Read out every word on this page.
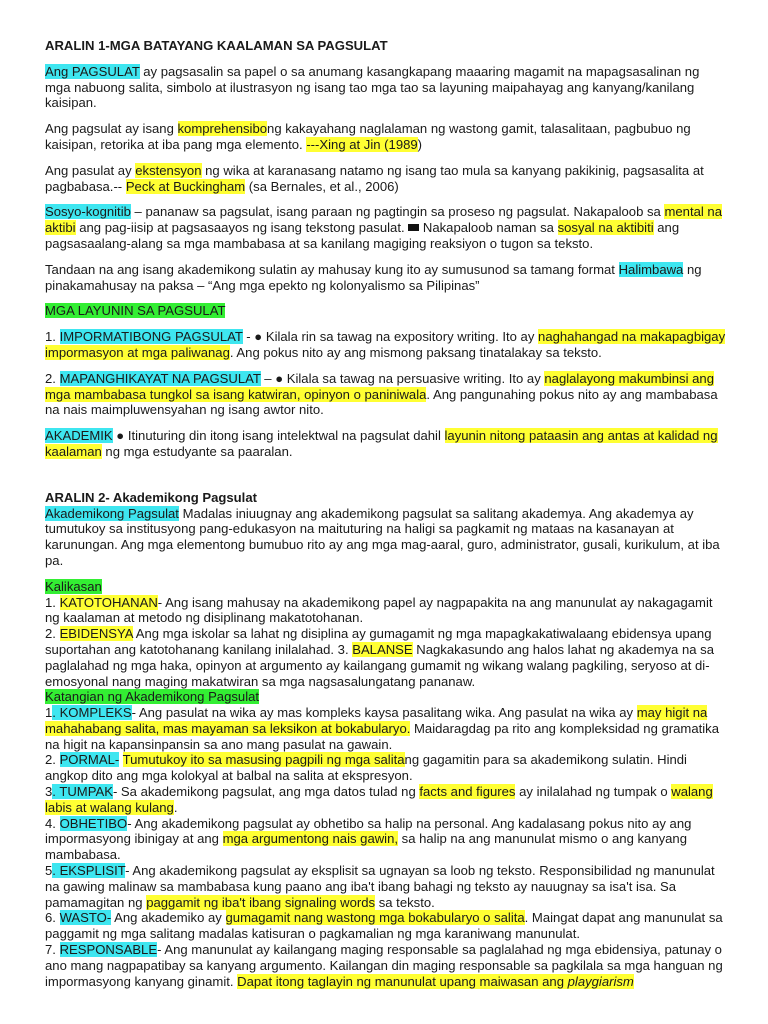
ARALIN 1-MGA BATAYANG KAALAMAN SA PAGSULAT

Ang PAGSULAT ay pagsasalin sa papel o sa anumang kasangkapang maaaring magamit na mapagsasalinan ng mga nabuong salita, simbolo at ilustrasyon ng isang tao mga tao sa layuning maipahayag ang kanyang/kanilang kaisipan.

Ang pagsulat ay isang komprehensibong kakayahang naglalaman ng wastong gamit, talasalitaan, pagbubuo ng kaisipan, retorika at iba pang mga elemento. ---Xing at Jin (1989)

Ang pasulat ay ekstensyon ng wika at karanasang natamo ng isang tao mula sa kanyang pakikinig, pagsasalita at pagbabasa.-- Peck at Buckingham (sa Bernales, et al., 2006)

Sosyo-kognitib – pananaw sa pagsulat, isang paraan ng pagtingin sa proseso ng pagsulat. Nakapaloob sa mental na aktibi ang pag-iisip at pagsasaayos ng isang tekstong pasulat.  Nakapaloob naman sa sosyal na aktibiti ang pagsasaalang-alang sa mga mambabasa at sa kanilang magiging reaksiyon o tugon sa teksto.

Tandaan na ang isang akademikong sulatin ay mahusay kung ito ay sumusunod sa tamang format Halimbawa ng pinakamahusay na paksa – “Ang mga epekto ng kolonyalismo sa Pilipinas”

MGA LAYUNIN SA PAGSULAT

1. IMPORMATIBONG PAGSULAT - ● Kilala rin sa tawag na expository writing. Ito ay naghahangad na makapagbigay impormasyon at mga paliwanag. Ang pokus nito ay ang mismong paksang tinatalakay sa teksto.

2. MAPANGHIKAYAT NA PAGSULAT – ● Kilala sa tawag na persuasive writing. Ito ay naglalayong makumbinsi ang mga mambabasa tungkol sa isang katwiran, opinyon o paniniwala. Ang pangunahing pokus nito ay ang mambabasa na nais maimpluwensyahan ng isang awtor nito.

AKADEMIK ● Itinuturing din itong isang intelektwal na pagsulat dahil layunin nitong pataasin ang antas at kalidad ng kaalaman ng mga estudyante sa paaralan.

ARALIN 2- Akademikong Pagsulat

Akademikong Pagsulat Madalas iniuugnay ang akademikong pagsulat sa salitang akademya. Ang akademya ay tumutukoy sa institusyong pang-edukasyon na maituturing na haligi sa pagkamit ng mataas na kasanayan at karunungan. Ang mga elementong bumubuo rito ay ang mga mag-aaral, guro, administrator, gusali, kurikulum, at iba pa.

Kalikasan

1. KATOTOHANAN- Ang isang mahusay na akademikong papel ay nagpapakita na ang manunulat ay nakagagamit ng kaalaman at metodo ng disiplinang makatotohanan.

2. EBIDENSYA Ang mga iskolar sa lahat ng disiplina ay gumagamit ng mga mapagkakatiwalaang ebidensya upang suportahan ang katotohanang kanilang inilalahad. 3. BALANSE Nagkakasundo ang halos lahat ng akademya na sa paglalahad ng mga haka, opinyon at argumento ay kailangang gumamit ng wikang walang pagkiling, seryoso at di-emosyonal nang maging makatwiran sa mga nagsasalungatang pananaw.

Katangian ng Akademikong Pagsulat

1. KOMPLEKS- Ang pasulat na wika ay mas kompleks kaysa pasalitang wika. Ang pasulat na wika ay may higit na mahahabang salita, mas mayaman sa leksikon at bokabularyo. Maidaragdag pa rito ang kompleksidad ng gramatika na higit na kapansinpansin sa ano mang pasulat na gawain.

2. PORMAL- Tumutukoy ito sa masusing pagpili ng mga salitang gagamitin para sa akademikong sulatin. Hindi angkop dito ang mga kolokyal at balbal na salita at ekspresyon.

3. TUMPAK- Sa akademikong pagsulat, ang mga datos tulad ng facts and figures ay inilalahad ng tumpak o walang labis at walang kulang.

4. OBHETIBO- Ang akademikong pagsulat ay obhetibo sa halip na personal. Ang kadalasang pokus nito ay ang impormasyong ibinigay at ang mga argumentong nais gawin, sa halip na ang manunulat mismo o ang kanyang mambabasa.

5. EKSPLISIT- Ang akademikong pagsulat ay eksplisit sa ugnayan sa loob ng teksto. Responsibilidad ng manunulat na gawing malinaw sa mambabasa kung paano ang iba't ibang bahagi ng teksto ay nauugnay sa isa't isa. Sa pamamagitan ng paggamit ng iba't ibang signaling words sa teksto.

6. WASTO- Ang akademiko ay gumagamit nang wastong mga bokabularyo o salita. Maingat dapat ang manunulat sa paggamit ng mga salitang madalas katisuran o pagkamalian ng mga karaniwang manunulat.

7. RESPONSABLE- Ang manunulat ay kailangang maging responsable sa paglalahad ng mga ebidensiya, patunay o ano mang nagpapatibay sa kanyang argumento. Kailangan din maging responsable sa pagkilala sa mga hanguan ng impormasyong kanyang ginamit. Dapat itong taglayin ng manunulat upang maiwasan ang playgiarism
